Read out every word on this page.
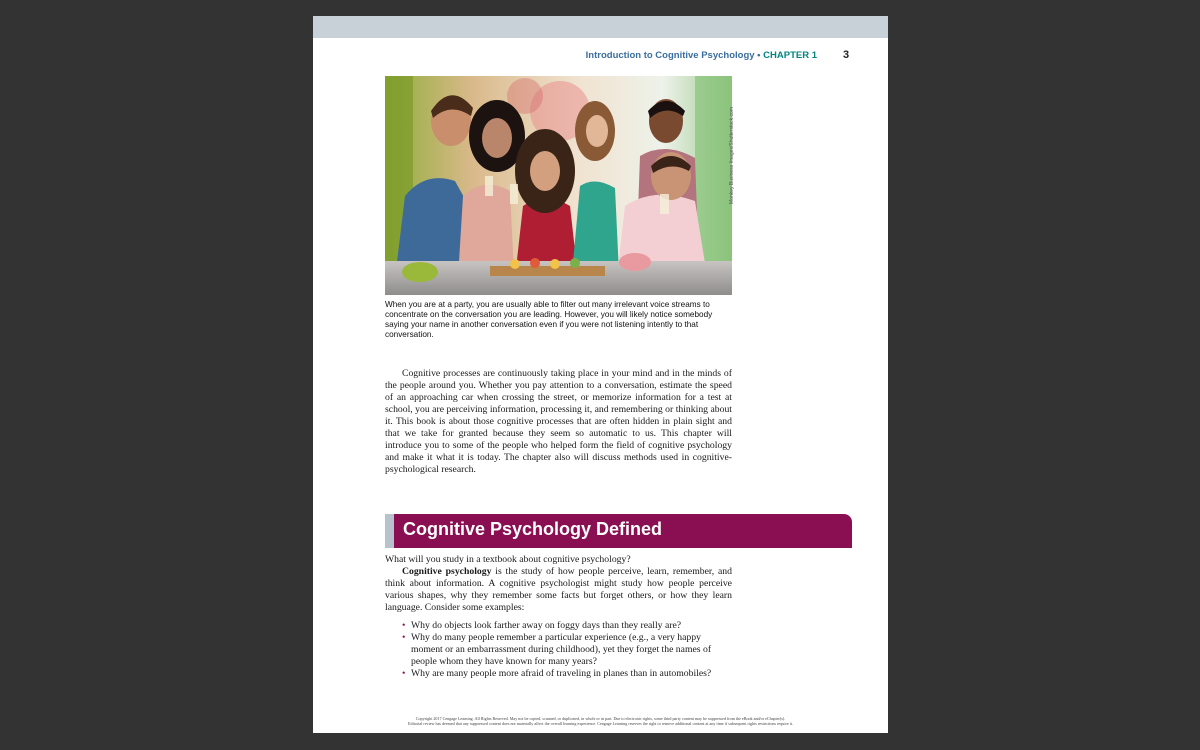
Introduction to Cognitive Psychology • CHAPTER 1 3
Monkey Business Images/Shutterstock.com
When you are at a party, you are usually able to filter out many irrelevant voice streams to concentrate on the conversation you are leading. However, you will likely notice somebody saying your name in another conversation even if you were not listening intently to that conversation.

Cognitive processes are continuously taking place in your mind and in the minds of the people around you. Whether you pay attention to a conversation, estimate the speed of an approaching car when crossing the street, or memorize information for a test at school, you are perceiving information, processing it, and remembering or thinking about it. This book is about those cognitive processes that are often hidden in plain sight and that we take for granted because they seem so automatic to us. This chapter will introduce you to some of the people who helped form the field of cognitive psychology and make it what it is today. The chapter also will discuss methods used in cognitive-psychological research.

Cognitive Psychology Defined

What will you study in a textbook about cognitive psychology?

Cognitive psychology is the study of how people perceive, learn, remember, and think about information. A cognitive psychologist might study how people perceive various shapes, why they remember some facts but forget others, or how they learn language. Consider some examples:

• Why do objects look farther away on foggy days than they really are?
• Why do many people remember a particular experience (e.g., a very happy moment or an embarrassment during childhood), yet they forget the names of people whom they have known for many years?
• Why are many people more afraid of traveling in planes than in automobiles?
Copyright 2017 Cengage Learning. All Rights Reserved. May not be copied, scanned, or duplicated, in whole or in part. Due to electronic rights, some third party content may be suppressed from the eBook and/or eChapter(s).
Editorial review has deemed that any suppressed content does not materially affect the overall learning experience. Cengage Learning reserves the right to remove additional content at any time if subsequent rights restrictions require it.
